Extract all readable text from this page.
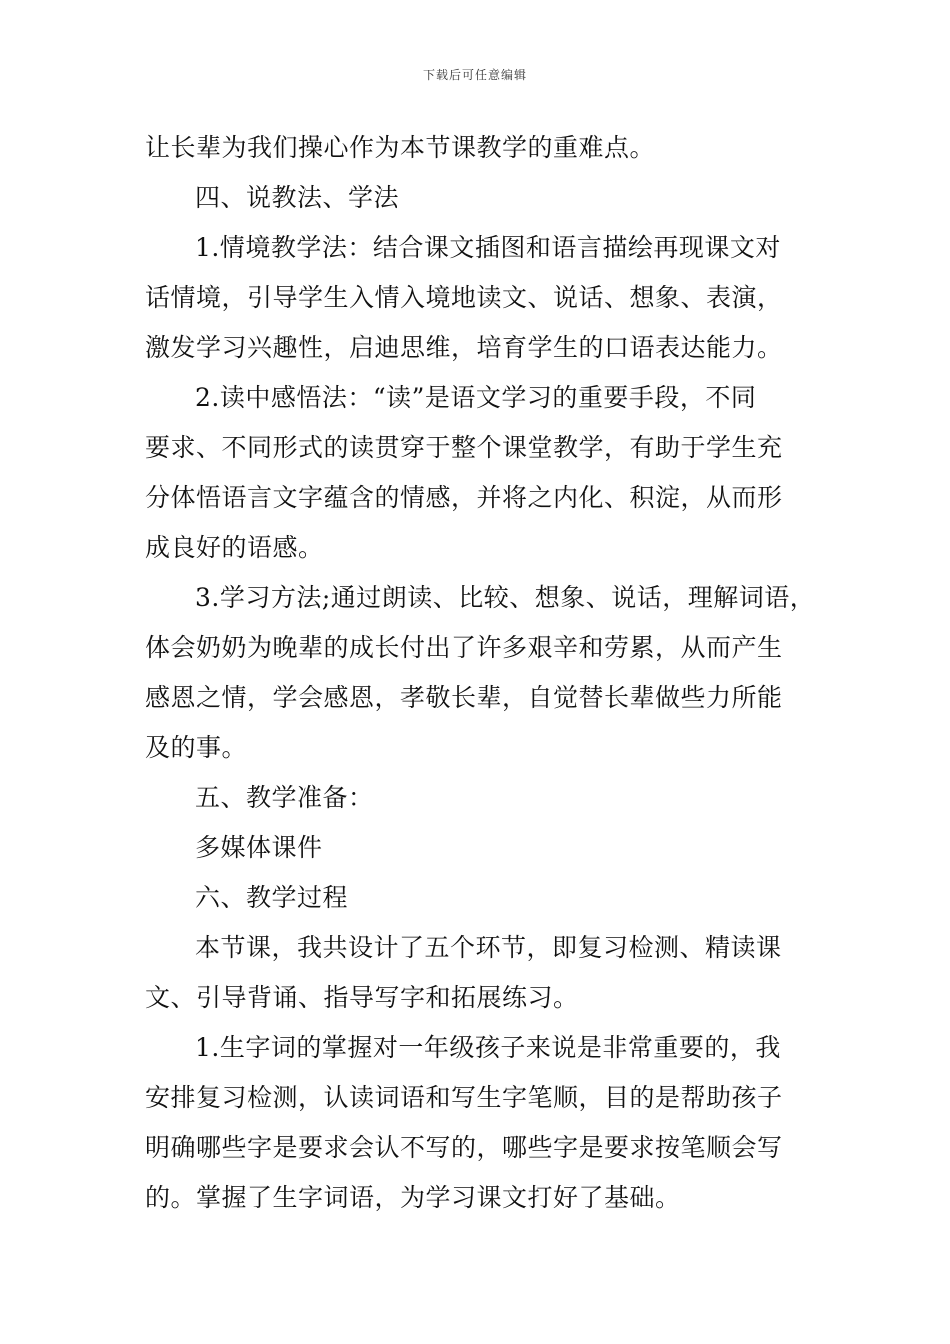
下载后可任意编辑
让长辈为我们操心作为本节课教学的重难点。
四、说教法、学法
1.情境教学法：结合课文插图和语言描绘再现课文对
话情境，引导学生入情入境地读文、说话、想象、表演，
激发学习兴趣性，启迪思维，培育学生的口语表达能力。
2.读中感悟法：“读”是语文学习的重要手段，不同
要求、不同形式的读贯穿于整个课堂教学，有助于学生充
分体悟语言文字蕴含的情感，并将之内化、积淀，从而形
成良好的语感。
3.学习方法;通过朗读、比较、想象、说话，理解词语，
体会奶奶为晚辈的成长付出了许多艰辛和劳累，从而产生
感恩之情，学会感恩，孝敬长辈，自觉替长辈做些力所能
及的事。
五、教学准备：
多媒体课件
六、教学过程
本节课，我共设计了五个环节，即复习检测、精读课
文、引导背诵、指导写字和拓展练习。
1.生字词的掌握对一年级孩子来说是非常重要的，我
安排复习检测，认读词语和写生字笔顺，目的是帮助孩子
明确哪些字是要求会认不写的，哪些字是要求按笔顺会写
的。掌握了生字词语，为学习课文打好了基础。
